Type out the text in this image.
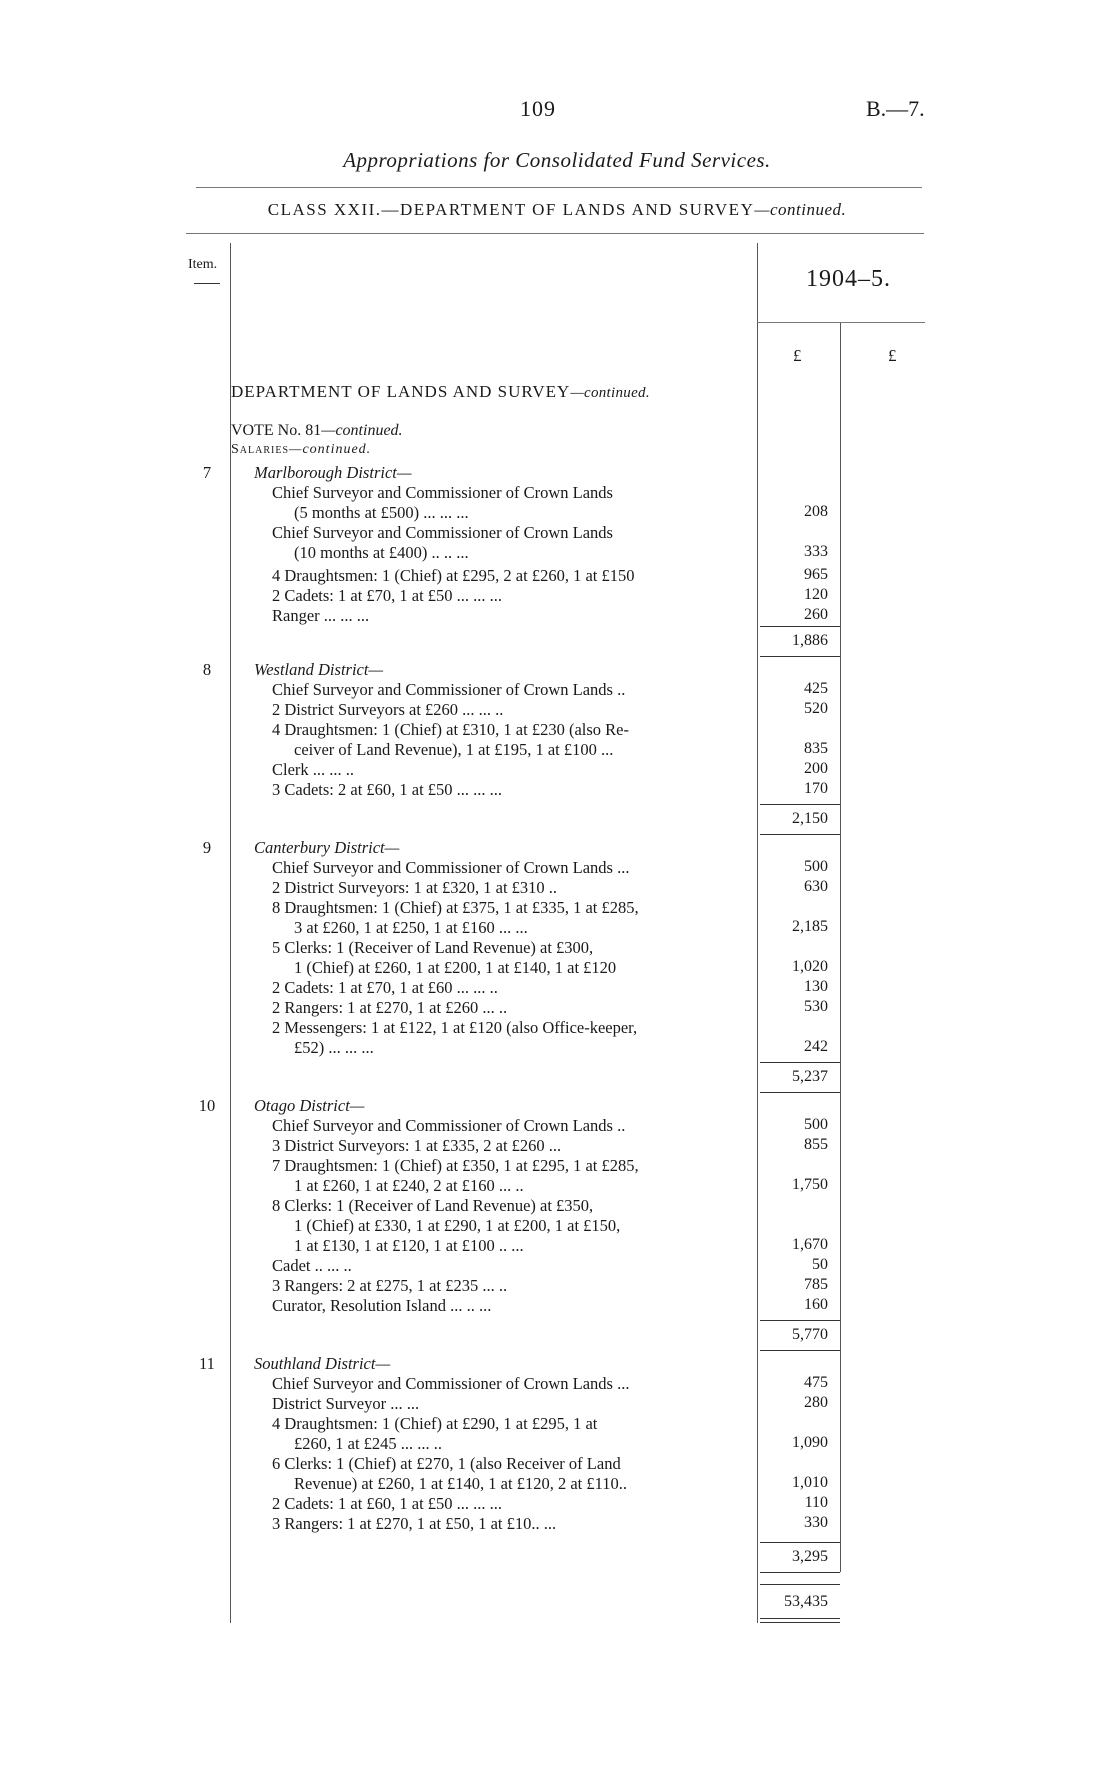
109	B.—7.
Appropriations for Consolidated Fund Services.
CLASS XXII.—DEPARTMENT OF LANDS AND SURVEY—continued.
Item.
1904–5.
£	£
DEPARTMENT OF LANDS AND SURVEY—continued.
VOTE No. 81—continued.
Salaries—continued.
7	Marlborough District—
Chief Surveyor and Commissioner of Crown Lands
(5 months at £500) ... ... ...	208
Chief Surveyor and Commissioner of Crown Lands
(10 months at £400) .. .. ...	333
4 Draughtsmen: 1 (Chief) at £295, 2 at £260, 1 at £150	965
2 Cadets: 1 at £70, 1 at £50 ... ... ...	120
Ranger ... ... ...	260
1,886
8	Westland District—
Chief Surveyor and Commissioner of Crown Lands ..	425
2 District Surveyors at £260 ... ... ..	520
4 Draughtsmen: 1 (Chief) at £310, 1 at £230 (also Re-
ceiver of Land Revenue), 1 at £195, 1 at £100 ...	835
Clerk ... ... ..	200
3 Cadets: 2 at £60, 1 at £50 ... ... ...	170
2,150
9	Canterbury District—
Chief Surveyor and Commissioner of Crown Lands ...	500
2 District Surveyors: 1 at £320, 1 at £310 ..	630
8 Draughtsmen: 1 (Chief) at £375, 1 at £335, 1 at £285,
3 at £260, 1 at £250, 1 at £160 ... ...	2,185
5 Clerks: 1 (Receiver of Land Revenue) at £300,
1 (Chief) at £260, 1 at £200, 1 at £140, 1 at £120	1,020
2 Cadets: 1 at £70, 1 at £60 ... ... ..	130
2 Rangers: 1 at £270, 1 at £260 ... ..	530
2 Messengers: 1 at £122, 1 at £120 (also Office-keeper,
£52) ... ... ...	242
5,237
10 Otago District—
Chief Surveyor and Commissioner of Crown Lands ..	500
3 District Surveyors: 1 at £335, 2 at £260 ...	855
7 Draughtsmen: 1 (Chief) at £350, 1 at £295, 1 at £285,
1 at £260, 1 at £240, 2 at £160 ... ..	1,750
8 Clerks: 1 (Receiver of Land Revenue) at £350,
1 (Chief) at £330, 1 at £290, 1 at £200, 1 at £150,
1 at £130, 1 at £120, 1 at £100 .. ...	1,670
Cadet .. ... ..	50
3 Rangers: 2 at £275, 1 at £235 ... ..	785
Curator, Resolution Island ... .. ...	160
5,770
11	Southland District—
Chief Surveyor and Commissioner of Crown Lands ...	475
District Surveyor ... ...	280
4 Draughtsmen: 1 (Chief) at £290, 1 at £295, 1 at
£260, 1 at £245 ... ... ..	1,090
6 Clerks: 1 (Chief) at £270, 1 (also Receiver of Land
Revenue) at £260, 1 at £140, 1 at £120, 2 at £110..	1,010
2 Cadets: 1 at £60, 1 at £50 ... ... ...	110
3 Rangers: 1 at £270, 1 at £50, 1 at £10.. ...	330
3,295
53,435
